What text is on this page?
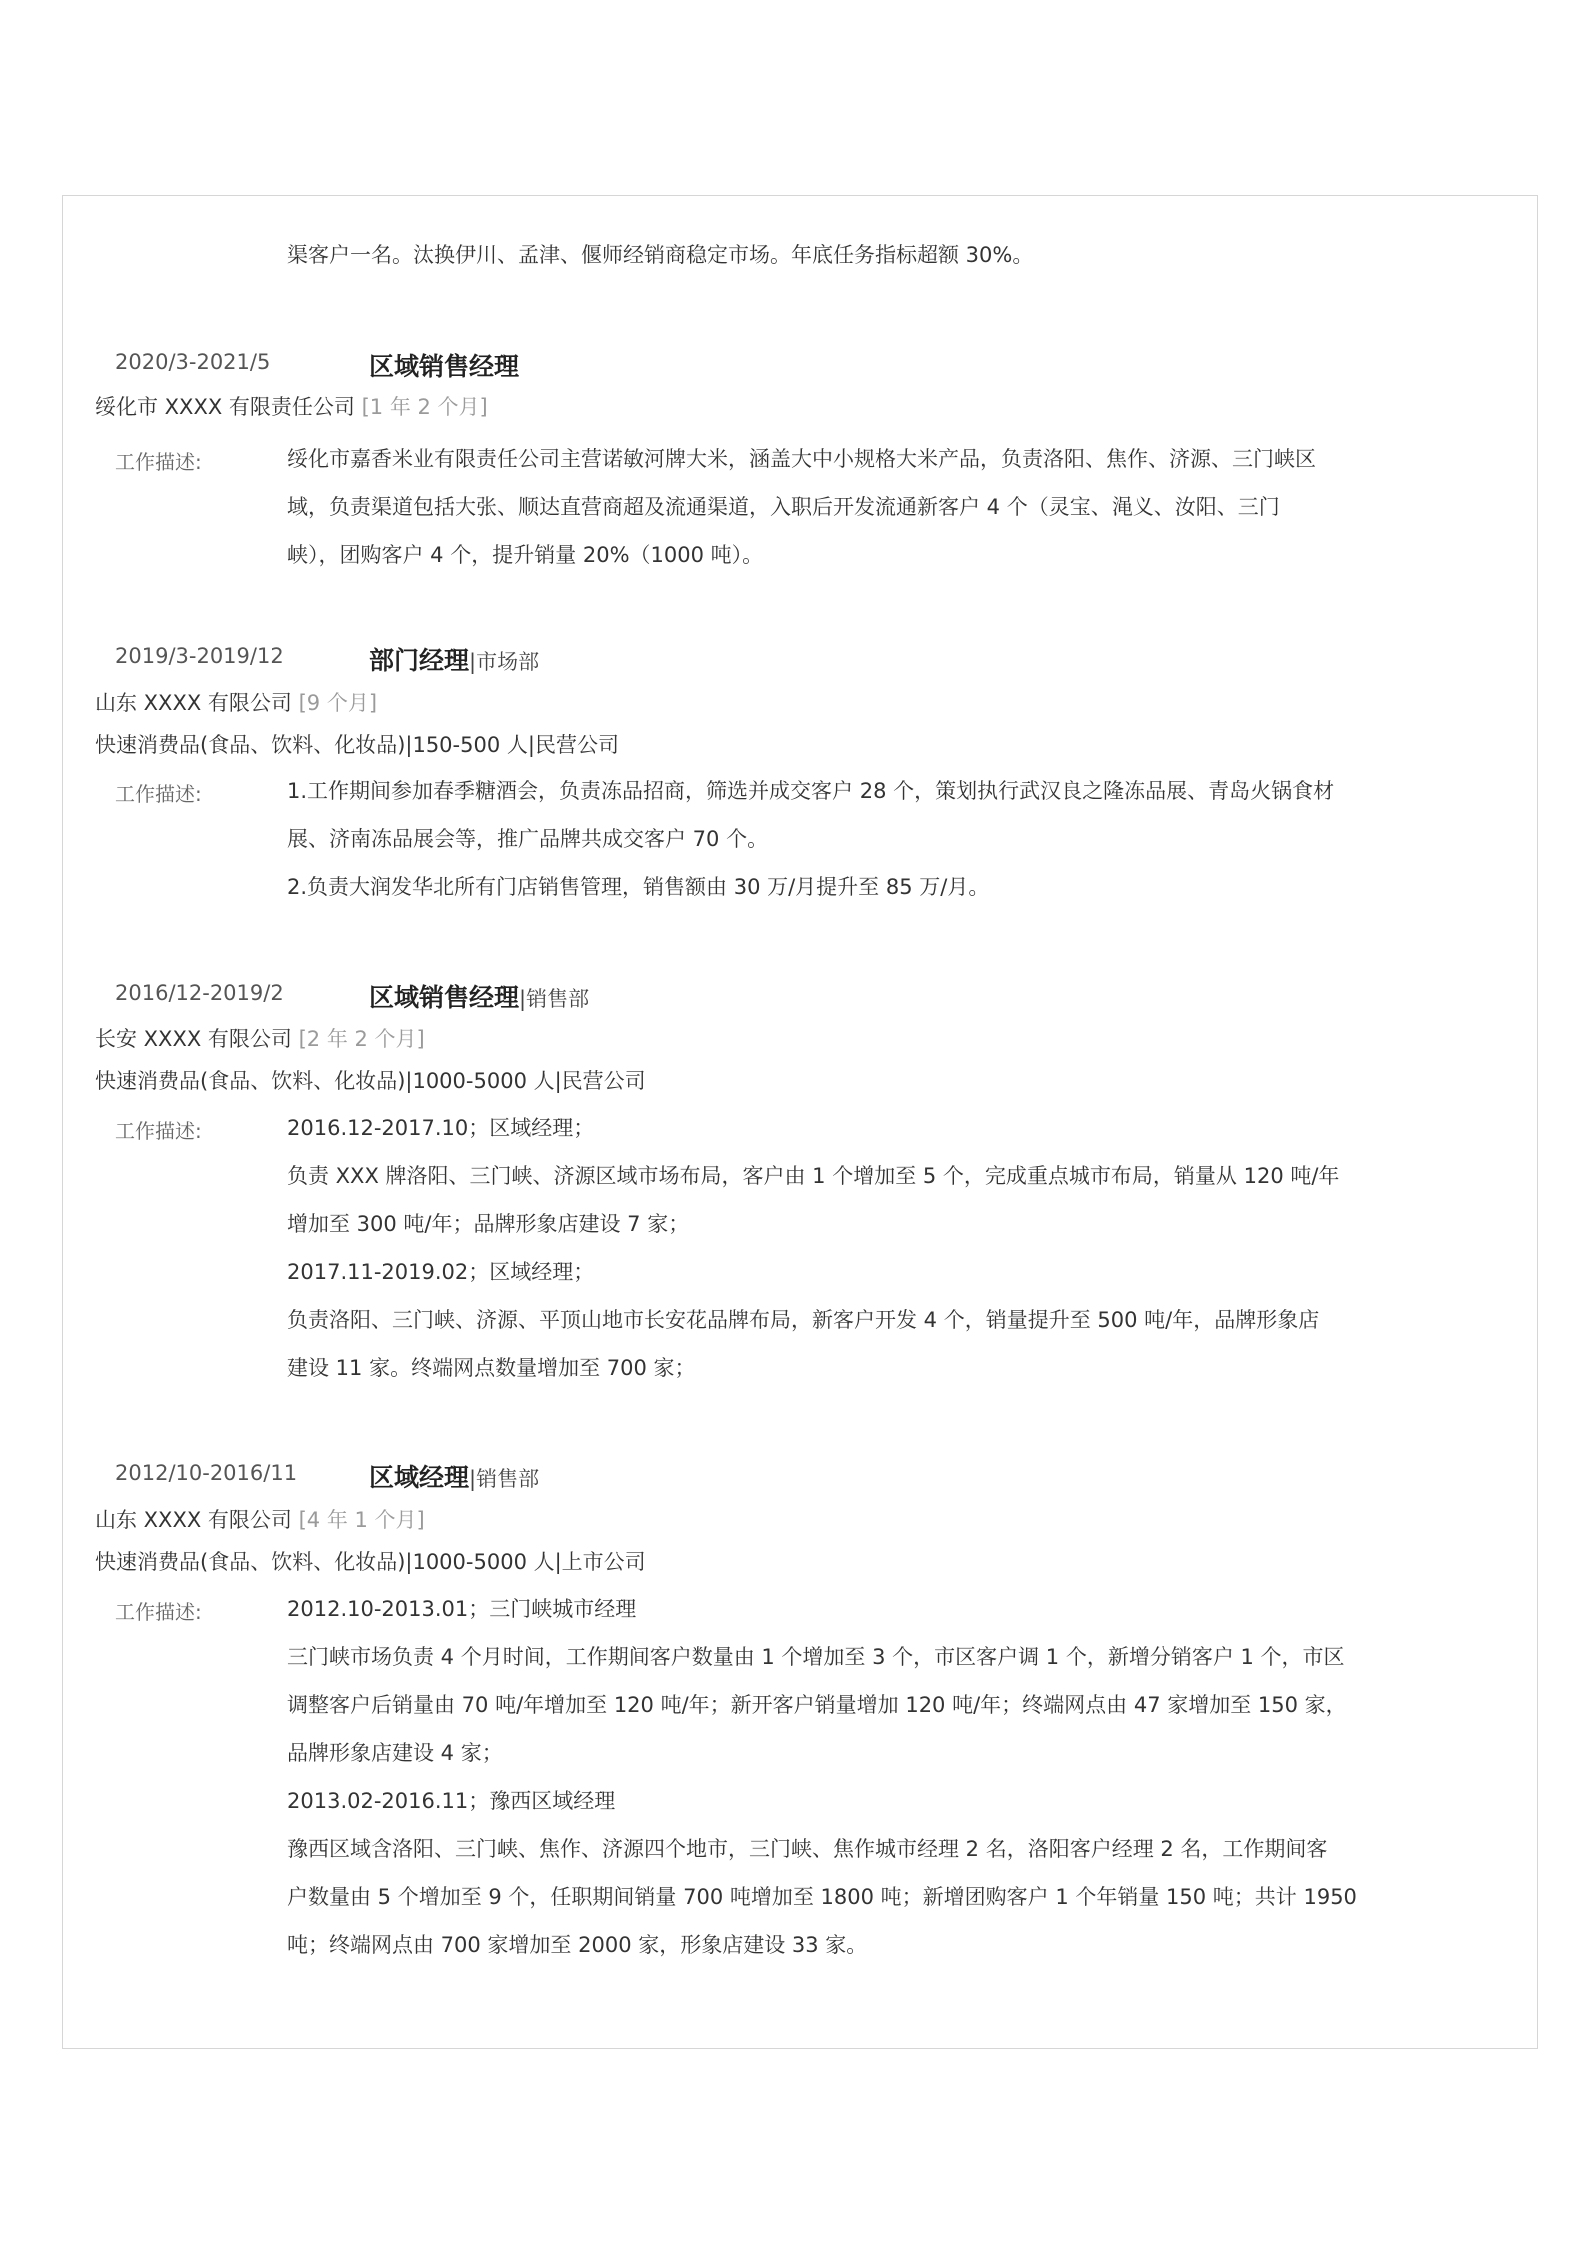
渠客户一名。汰换伊川、孟津、偃师经销商稳定市场。年底任务指标超额 30%。
2020/3-2021/5	区域销售经理
绥化市 XXXX 有限责任公司 [1 年 2 个月]
工作描述:	绥化市嘉香米业有限责任公司主营诺敏河牌大米，涵盖大中小规格大米产品，负责洛阳、焦作、济源、三门峡区
域，负责渠道包括大张、顺达直营商超及流通渠道，入职后开发流通新客户 4 个（灵宝、渑义、汝阳、三门
峡），团购客户 4 个，提升销量 20%（1000 吨）。
2019/3-2019/12	部门经理|市场部
山东 XXXX 有限公司 [9 个月]
快速消费品(食品、饮料、化妆品)|150-500 人|民营公司
工作描述:	1.工作期间参加春季糖酒会，负责冻品招商，筛选并成交客户 28 个，策划执行武汉良之隆冻品展、青岛火锅食材
展、济南冻品展会等，推广品牌共成交客户 70 个。
2.负责大润发华北所有门店销售管理，销售额由 30 万/月提升至 85 万/月。
2016/12-2019/2	区域销售经理|销售部
长安 XXXX 有限公司 [2 年 2 个月]
快速消费品(食品、饮料、化妆品)|1000-5000 人|民营公司
工作描述:	2016.12-2017.10；区域经理；
负责 XXX 牌洛阳、三门峡、济源区域市场布局，客户由 1 个增加至 5 个，完成重点城市布局，销量从 120 吨/年
增加至 300 吨/年；品牌形象店建设 7 家；
2017.11-2019.02；区域经理；
负责洛阳、三门峡、济源、平顶山地市长安花品牌布局，新客户开发 4 个，销量提升至 500 吨/年，品牌形象店
建设 11 家。终端网点数量增加至 700 家；
2012/10-2016/11	区域经理|销售部
山东 XXXX 有限公司 [4 年 1 个月]
快速消费品(食品、饮料、化妆品)|1000-5000 人|上市公司
工作描述:	2012.10-2013.01；三门峡城市经理
三门峡市场负责 4 个月时间，工作期间客户数量由 1 个增加至 3 个，市区客户调 1 个，新增分销客户 1 个，市区
调整客户后销量由 70 吨/年增加至 120 吨/年；新开客户销量增加 120 吨/年；终端网点由 47 家增加至 150 家，
品牌形象店建设 4 家；
2013.02-2016.11；豫西区域经理
豫西区域含洛阳、三门峡、焦作、济源四个地市，三门峡、焦作城市经理 2 名，洛阳客户经理 2 名，工作期间客
户数量由 5 个增加至 9 个，任职期间销量 700 吨增加至 1800 吨；新增团购客户 1 个年销量 150 吨；共计 1950
吨；终端网点由 700 家增加至 2000 家，形象店建设 33 家。
